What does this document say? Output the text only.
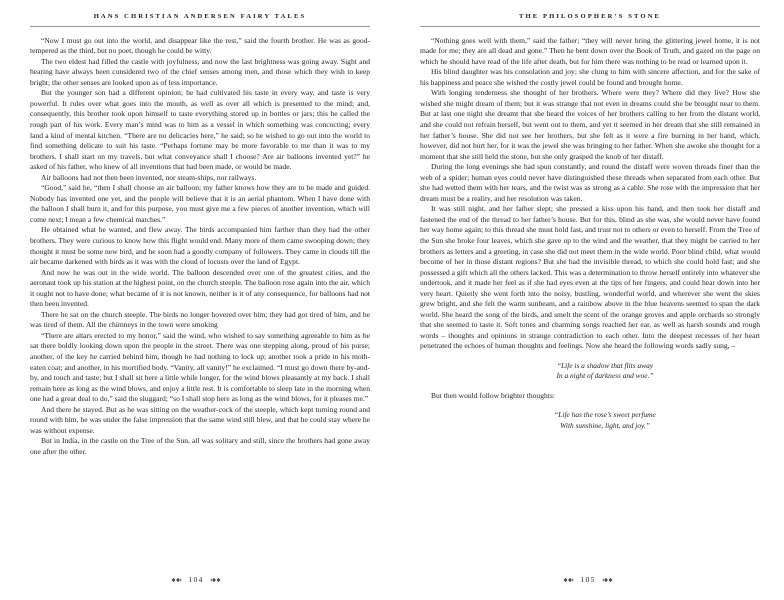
HANS CHRISTIAN ANDERSEN FAIRY TALES

“Now I must go out into the world, and disappear like the rest,” said the fourth brother. He was as good-tempered as the third, but no poet, though he could be witty.

The two eldest had filled the castle with joyfulness, and now the last brightness was going away. Sight and hearing have always been considered two of the chief senses among men, and those which they wish to keep bright; the other senses are looked upon as of less importance.

But the younger son had a different opinion; he had cultivated his taste in every way, and taste is very powerful. It rules over what goes into the mouth, as well as over all which is presented to the mind; and, consequently, this brother took upon himself to taste everything stored up in bottles or jars; this he called the rough part of his work. Every man’s mind was to him as a vessel in which something was concocting; every land a kind of mental kitchen. “There are no delicacies here,” he said; so he wished to go out into the world to find something delicate to suit his taste. “Perhaps fortune may be more favorable to me than it was to my brothers. I shall start on my travels, but what conveyance shall I choose? Are air balloons invented yet?” he asked of his father, who knew of all inventions that had been made, or would be made.

Air balloons had not then been invented, nor steam-ships, nor railways.

“Good,” said he, “then I shall choose an air balloon; my father knows how they are to be made and guided. Nobody has invented one yet, and the people will believe that it is an aerial phantom. When I have done with the balloon I shall burn it, and for this purpose, you must give me a few pieces of another invention, which will come next; I mean a few chemical matches.”

He obtained what he wanted, and flew away. The birds accompanied him farther than they had the other brothers. They were curious to know how this flight would end. Many more of them came swooping down; they thought it must be some new bird, and he soon had a goodly company of followers. They came in clouds till the air became darkened with birds as it was with the cloud of locusts over the land of Egypt.

And now he was out in the wide world. The balloon descended over one of the greatest cities, and the aeronaut took up his station at the highest point, on the church steeple. The balloon rose again into the air, which it ought not to have done; what became of it is not known, neither is it of any consequence, for balloons had not then been invented.

There he sat on the church steeple. The birds no longer hovered over him; they had got tired of him, and he was tired of them. All the chimneys in the town were smoking

“There are altars erected to my honor,” said the wind, who wished to say something agreeable to him as he sat there boldly looking down upon the people in the street. There was one stepping along, proud of his purse; another, of the key he carried behind him, though he had nothing to lock up; another took a pride in his moth-eaten coat; and another, in his mortified body. “Vanity, all vanity!” he exclaimed. “I must go down there by-and-by, and touch and taste; but I shall sit here a little while longer, for the wind blows pleasantly at my back. I shall remain here as long as the wind blows, and enjoy a little rest. It is comfortable to sleep late in the morning when one had a great deal to do,” said the sluggard; “so I shall stop here as long as the wind blows, for it pleases me.”

And there he stayed. But as he was sitting on the weather-cock of the steeple, which kept turning round and round with him, he was under the false impression that the same wind still blew, and that he could stay where he was without expense.

But in India, in the castle on the Tree of the Sun, all was solitary and still, since the brothers had gone away one after the other.

104
THE PHILOSOPHER’S STONE

“Nothing goes well with them,” said the father; “they will never bring the glittering jewel home, it is not made for me; they are all dead and gone.” Then he bent down over the Book of Truth, and gazed on the page on which he should have read of the life after death, but for him there was nothing to be read or learned upon it.

His blind daughter was his consolation and joy; she clung to him with sincere affection, and for the sake of his happiness and peace she wished the costly jewel could be found and brought home.

With longing tenderness she thought of her brothers. Where were they? Where did they live? How she wished she might dream of them; but it was strange that not even in dreams could she be brought near to them. But at last one night she dreamt that she heard the voices of her brothers calling to her from the distant world, and she could not refrain herself, but went out to them, and yet it seemed in her dream that she still remained in her father’s house. She did not see her brothers, but she felt as it were a fire burning in her hand, which, however, did not hurt her, for it was the jewel she was bringing to her father. When she awoke she thought for a moment that she still held the stone, but she only grasped the knob of her distaff.

During the long evenings she had spun constantly, and round the distaff were woven threads finer than the web of a spider; human eyes could never have distinguished these threads when separated from each other. But she had wetted them with her tears, and the twist was as strong as a cable. She rose with the impression that her dream must be a reality, and her resolution was taken.

It was still night, and her father slept; she pressed a kiss upon his hand, and then took her distaff and fastened the end of the thread to her father’s house. But for this, blind as she was, she would never have found her way home again; to this thread she must hold fast, and trust not to others or even to herself. From the Tree of the Sun she broke four leaves, which she gave up to the wind and the weather, that they might be carried to her brothers as letters and a greeting, in case she did not meet them in the wide world. Poor blind child, what would become of her in those distant regions? But she had the invisible thread, to which she could hold fast; and she possessed a gift which all the others lacked. This was a determination to throw herself entirely into whatever she undertook, and it made her feel as if she had eyes even at the tips of her fingers, and could hear down into her very heart. Quietly she went forth into the noisy, bustling, wonderful world, and wherever she went the skies grew bright, and she felt the warm sunbeam, and a rainbow above in the blue heavens seemed to span the dark world. She heard the song of the birds, and smelt the scent of the orange groves and apple orchards so strongly that she seemed to taste it. Soft tones and charming songs reached her ear, as well as harsh sounds and rough words – thoughts and opinions in strange contradiction to each other. Into the deepest recesses of her heart penetrated the echoes of human thoughts and feelings. Now she heard the following words sadly sung, –

“Life is a shadow that flits away
In a night of darkness and woe.”

But then would follow brighter thoughts:

“Life has the rose’s sweet perfume
With sunshine, light, and joy.”
105
